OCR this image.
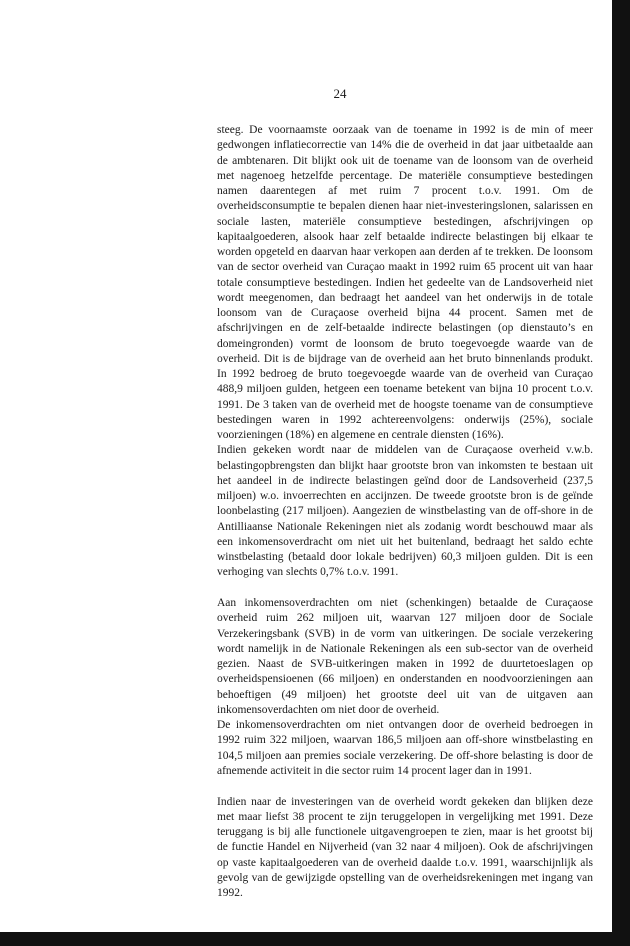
24

steeg. De voornaamste oorzaak van de toename in 1992 is de min of meer gedwongen inflatiecorrectie van 14% die de overheid in dat jaar uitbetaalde aan de ambtenaren. Dit blijkt ook uit de toename van de loonsom van de overheid met nagenoeg hetzelfde percentage. De materiële consumptieve bestedingen namen daarentegen af met ruim 7 procent t.o.v. 1991. Om de overheidsconsumptie te bepalen dienen haar niet-investeringslonen, salarissen en sociale lasten, materiële consumptieve bestedingen, afschrijvingen op kapitaalgoederen, alsook haar zelf betaalde indirecte belastingen bij elkaar te worden opgeteld en daarvan haar verkopen aan derden af te trekken. De loonsom van de sector overheid van Curaçao maakt in 1992 ruim 65 procent uit van haar totale consumptieve bestedingen. Indien het gedeelte van de Landsoverheid niet wordt meegenomen, dan bedraagt het aandeel van het onderwijs in de totale loonsom van de Curaçaose overheid bijna 44 procent. Samen met de afschrijvingen en de zelf-betaalde indirecte belastingen (op dienstauto’s en domeingronden) vormt de loonsom de bruto toegevoegde waarde van de overheid. Dit is de bijdrage van de overheid aan het bruto binnenlands produkt. In 1992 bedroeg de bruto toegevoegde waarde van de overheid van Curaçao 488,9 miljoen gulden, hetgeen een toename betekent van bijna 10 procent t.o.v. 1991. De 3 taken van de overheid met de hoogste toename van de consumptieve bestedingen waren in 1992 achtereenvolgens: onderwijs (25%), sociale voorzieningen (18%) en algemene en centrale diensten (16%).

Indien gekeken wordt naar de middelen van de Curaçaose overheid v.w.b. belastingopbrengsten dan blijkt haar grootste bron van inkomsten te bestaan uit het aandeel in de indirecte belastingen geïnd door de Landsoverheid (237,5 miljoen) w.o. invoerrechten en accijnzen. De tweede grootste bron is de geïnde loonbelasting (217 miljoen). Aangezien de winstbelasting van de off-shore in de Antilliaanse Nationale Rekeningen niet als zodanig wordt beschouwd maar als een inkomensoverdracht om niet uit het buitenland, bedraagt het saldo echte winstbelasting (betaald door lokale bedrijven) 60,3 miljoen gulden. Dit is een verhoging van slechts 0,7% t.o.v. 1991.

Aan inkomensoverdrachten om niet (schenkingen) betaalde de Curaçaose overheid ruim 262 miljoen uit, waarvan 127 miljoen door de Sociale Verzekeringsbank (SVB) in de vorm van uitkeringen. De sociale verzekering wordt namelijk in de Nationale Rekeningen als een sub-sector van de overheid gezien. Naast de SVB-uitkeringen maken in 1992 de duurtetoeslagen op overheidspensioenen (66 miljoen) en onderstanden en noodvoorzieningen aan behoeftigen (49 miljoen) het grootste deel uit van de uitgaven aan inkomensoverdachten om niet door de overheid.

De inkomensoverdrachten om niet ontvangen door de overheid bedroegen in 1992 ruim 322 miljoen, waarvan 186,5 miljoen aan off-shore winstbelasting en 104,5 miljoen aan premies sociale verzekering. De off-shore belasting is door de afnemende activiteit in die sector ruim 14 procent lager dan in 1991.

Indien naar de investeringen van de overheid wordt gekeken dan blijken deze met maar liefst 38 procent te zijn teruggelopen in vergelijking met 1991. Deze teruggang is bij alle functionele uitgavengroepen te zien, maar is het grootst bij de functie Handel en Nijverheid (van 32 naar 4 miljoen). Ook de afschrijvingen op vaste kapitaalgoederen van de overheid daalde t.o.v. 1991, waarschijnlijk als gevolg van de gewijzigde opstelling van de overheidsrekeningen met ingang van 1992.
